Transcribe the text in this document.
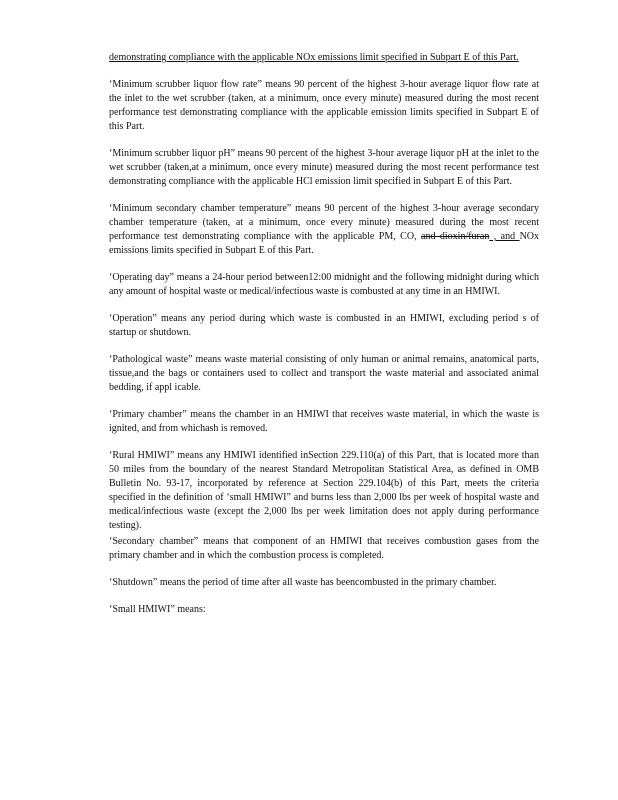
demonstrating compliance with the applicable NOx emissions limit specified in Subpart E of this Part.

‘Minimum scrubber liquor flow rate” means 90 percent of the highest 3-hour average liquor flow rate at the inlet to the wet scrubber (taken, at a minimum, once every minute) measured during the most recent performance test demonstrating compliance with the applicable emission limits specified in Subpart E of this Part.

‘Minimum scrubber liquor pH” means 90 percent of the highest 3-hour average liquor pH at the inlet to the wet scrubber (taken,at a minimum, once every minute) measured during the most recent performance test demonstrating compliance with the applicable HCl emission limit specified in Subpart E of this Part.

‘Minimum secondary chamber temperature” means 90 percent of the highest 3-hour average secondary chamber temperature (taken, at a minimum, once every minute) measured during the most recent performance test demonstrating compliance with the applicable PM, CO, and dioxin/furan , and NOx emissions limits specified in Subpart E of this Part.

‘Operating day” means a 24-hour period between12:00 midnight and the following midnight during which any amount of hospital waste or medical/infectious waste is combusted at any time in an HMIWI.

‘Operation” means any period during which waste is combusted in an HMIWI, excluding period s of startup or shutdown.

‘Pathological waste” means waste material consisting of only human or animal remains, anatomical parts, tissue,and the bags or containers used to collect and transport the waste material and associated animal bedding, if appl icable.

‘Primary chamber” means the chamber in an HMIWI that receives waste material, in which the waste is ignited, and from whichash is removed.

‘Rural HMIWI” means any HMIWI identified inSection 229.110(a) of this Part, that is located more than 50 miles from the boundary of the nearest Standard Metropolitan Statistical Area, as defined in OMB Bulletin No. 93-17, incorporated by reference at Section 229.104(b) of this Part, meets the criteria specified in the definition of ‘small HMIWI” and burns less than 2,000 lbs per week of hospital waste and medical/infectious waste (except the 2,000 lbs per week limitation does not apply during performance testing).

‘Secondary chamber” means that component of an HMIWI that receives combustion gases from the primary chamber and in which the combustion process is completed.

‘Shutdown” means the period of time after all waste has beencombusted in the primary chamber.

‘Small HMIWI” means:
